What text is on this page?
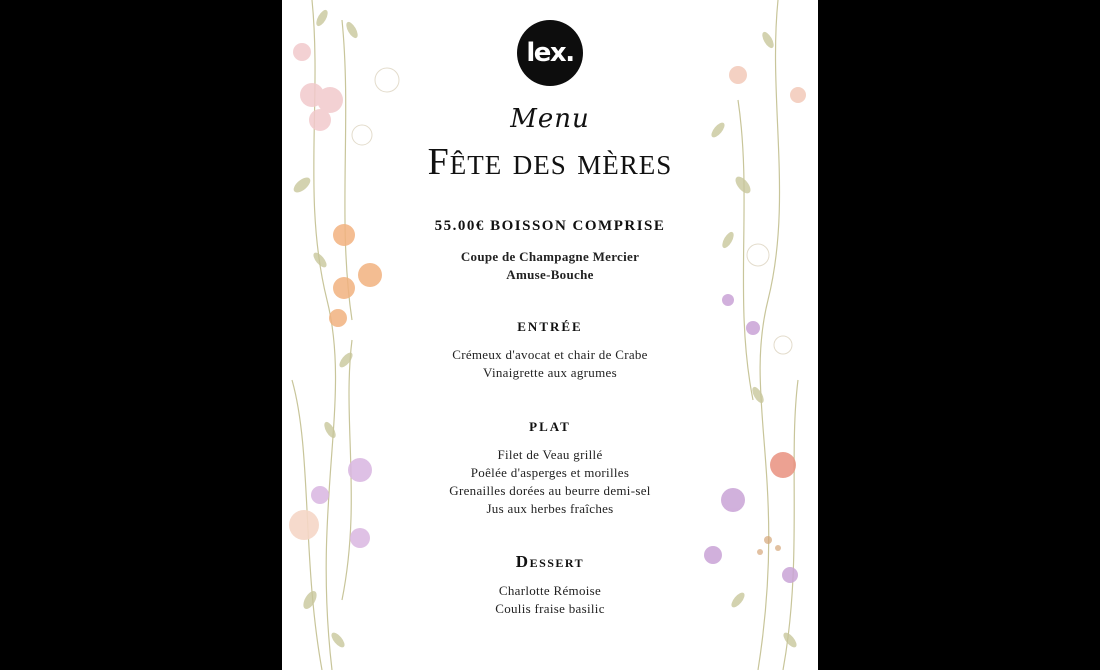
lex.
Menu
Fête des mères
55.00€ BOISSON COMPRISE
Coupe de Champagne Mercier
Amuse-Bouche
ENTRÉE
Crémeux d'avocat et chair de Crabe
Vinaigrette aux agrumes
PLAT
Filet de Veau grillé
Poêlée d'asperges et morilles
Grenailles dorées au beurre demi-sel
Jus aux herbes fraîches
Dessert
Charlotte Rémoise
Coulis fraise basilic
